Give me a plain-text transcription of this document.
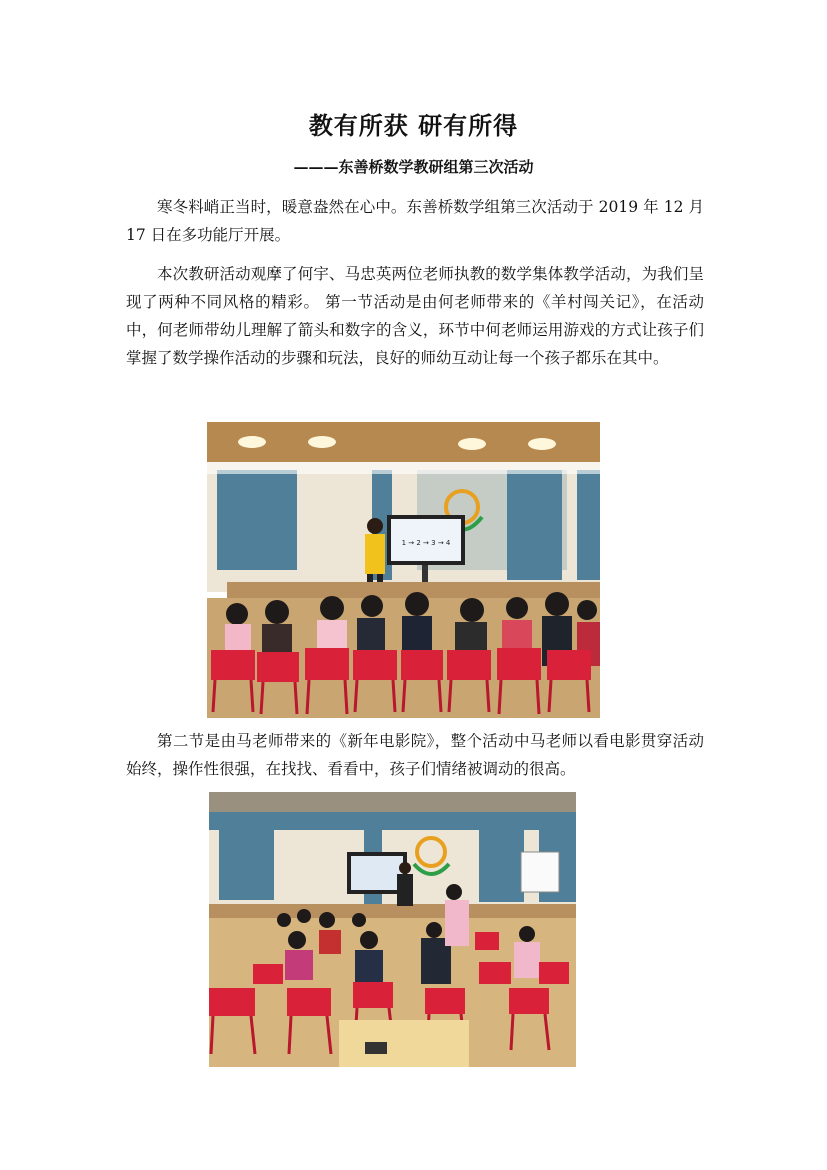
教有所获 研有所得
———东善桥数学教研组第三次活动
寒冬料峭正当时，暖意盎然在心中。东善桥数学组第三次活动于 2019 年 12 月 17 日在多功能厅开展。
本次教研活动观摩了何宇、马忠英两位老师执教的数学集体教学活动，为我们呈现了两种不同风格的精彩。 第一节活动是由何老师带来的《羊村闯关记》，在活动中，何老师带幼儿理解了箭头和数字的含义，环节中何老师运用游戏的方式让孩子们掌握了数学操作活动的步骤和玩法，良好的师幼互动让每一个孩子都乐在其中。
1 → 2 → 3 → 4
第二节是由马老师带来的《新年电影院》，整个活动中马老师以看电影贯穿活动始终，操作性很强，在找找、看看中，孩子们情绪被调动的很高。
